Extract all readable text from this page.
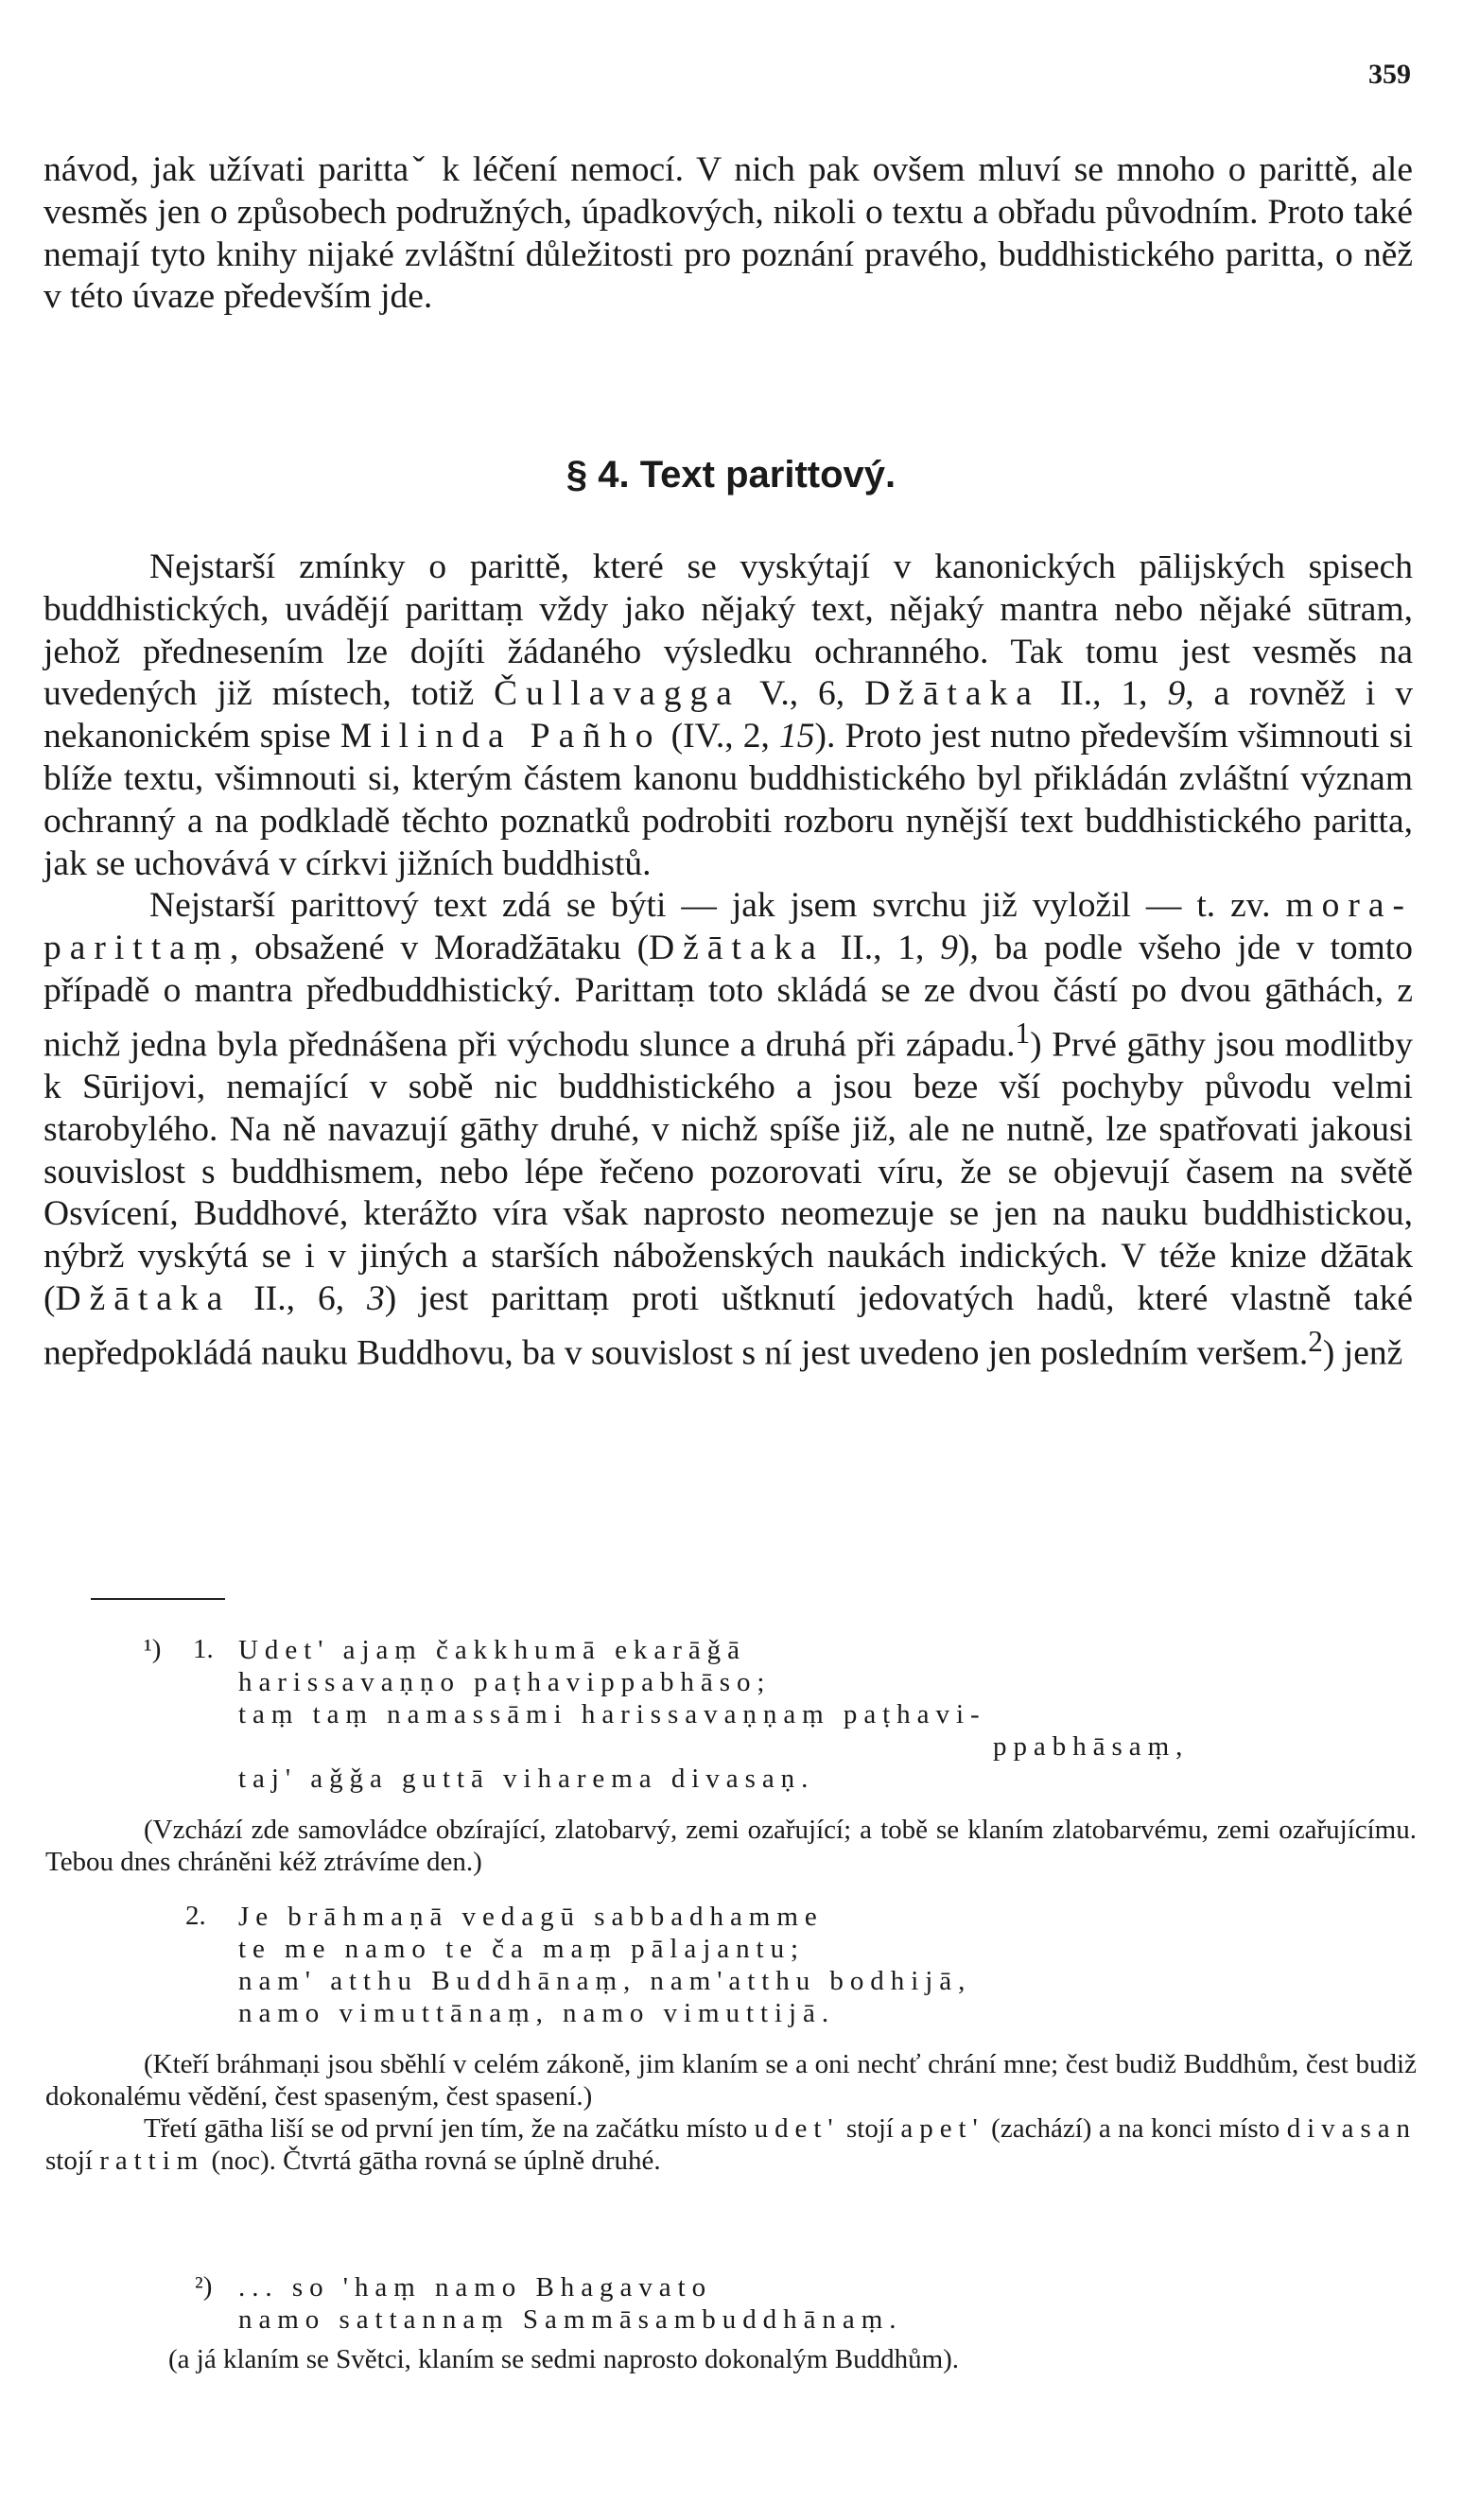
359

návod, jak užívati parittaˇ k léčení nemocí. V nich pak ovšem mluví se mnoho o parittě, ale vesměs jen o způsobech podružných, úpadkových, nikoli o textu a obřadu původním. Proto také nemají tyto knihy nijaké zvláštní důležitosti pro poznání pravého, buddhistického paritta, o něž v této úvaze především jde.

§ 4. Text parittový.

Nejstarší zmínky o parittě, které se vyskýtají v kanonických pālijských spisech buddhistických, uvádějí parittaṃ vždy jako nějaký text, nějaký mantra nebo nějaké sūtram, jehož přednesením lze dojíti žádaného výsledku ochranného. Tak tomu jest vesměs na uvedených již místech, totiž Čullavagga V., 6, Džātaka II., 1, 9, a rovněž i v nekanonickém spise Milinda Pañho (IV., 2, 15). Proto jest nutno především všimnouti si blíže textu, všimnouti si, kterým částem kanonu buddhistického byl přikládán zvláštní význam ochranný a na podkladě těchto poznatků podrobiti rozboru nynější text buddhistického paritta, jak se uchovává v církvi jižních buddhistů.

Nejstarší parittový text zdá se býti — jak jsem svrchu již vyložil — t. zv. mora-parittaṃ, obsažené v Moradžātaku (Džātaka II., 1, 9), ba podle všeho jde v tomto případě o mantra předbuddhistický. Parittaṃ toto skládá se ze dvou částí po dvou gāthách, z nichž jedna byla přednášena při východu slunce a druhá při západu.$^1$) Prvé gāthy jsou modlitby k Sūrijovi, nemající v sobě nic buddhistického a jsou beze vší pochyby původu velmi starobylého. Na ně navazují gāthy druhé, v nichž spíše již, ale ne nutně, lze spatřovati jakousi souvislost s buddhismem, nebo lépe řečeno pozorovati víru, že se objevují časem na světě Osvícení, Buddhové, kterážto víra však naprosto neomezuje se jen na nauku buddhistickou, nýbrž vyskýtá se i v jiných a starších náboženských naukách indických. V téže knize džātak (Džātaka II., 6, 3) jest parittaṃ proti uštknutí jedovatých hadů, které vlastně také nepředpokládá nauku Buddhovu, ba v souvislost s ní jest uvedeno jen posledním veršem.$^2$) jenž

¹) 1. Udet' ajaṃ čakkhumā ekarāǧā
harissavaṇṇo paṭhavippabhāso;
taṃ taṃ namassāmi harissavaṇṇaṃ paṭhavi-
ppabhāsaṃ,
taj' aǧǧa guttā viharema divasaṇ.

(Vzchází zde samovládce obzírající, zlatobarvý, zemi ozařující; a tobě se klaním zlatobarvému, zemi ozařujícímu. Tebou dnes chráněni kéž ztrávíme den.)

2. Je brāhmaṇā vedagū sabbadhamme
te me namo te ča maṃ pālajantu;
nam' atthu Buddhānaṃ, nam'atthu bodhijā,
namo vimuttānaṃ, namo vimuttijā.

(Kteří bráhmaṇi jsou sběhlí v celém zákoně, jim klaním se a oni nechť chrání mne; čest budiž Buddhům, čest budiž dokonalému vědění, čest spaseným, čest spasení.)

Třetí gātha liší se od první jen tím, že na začátku místo udet' stojí apet' (zachází) a na konci místo divasan stojí rattim (noc). Čtvrtá gātha rovná se úplně druhé.

²) ... so 'haṃ namo Bhagavato
namo sattannaṃ Sammāsambuddhānaṃ.

(a já klaním se Světci, klaním se sedmi naprosto dokonalým Buddhům).
